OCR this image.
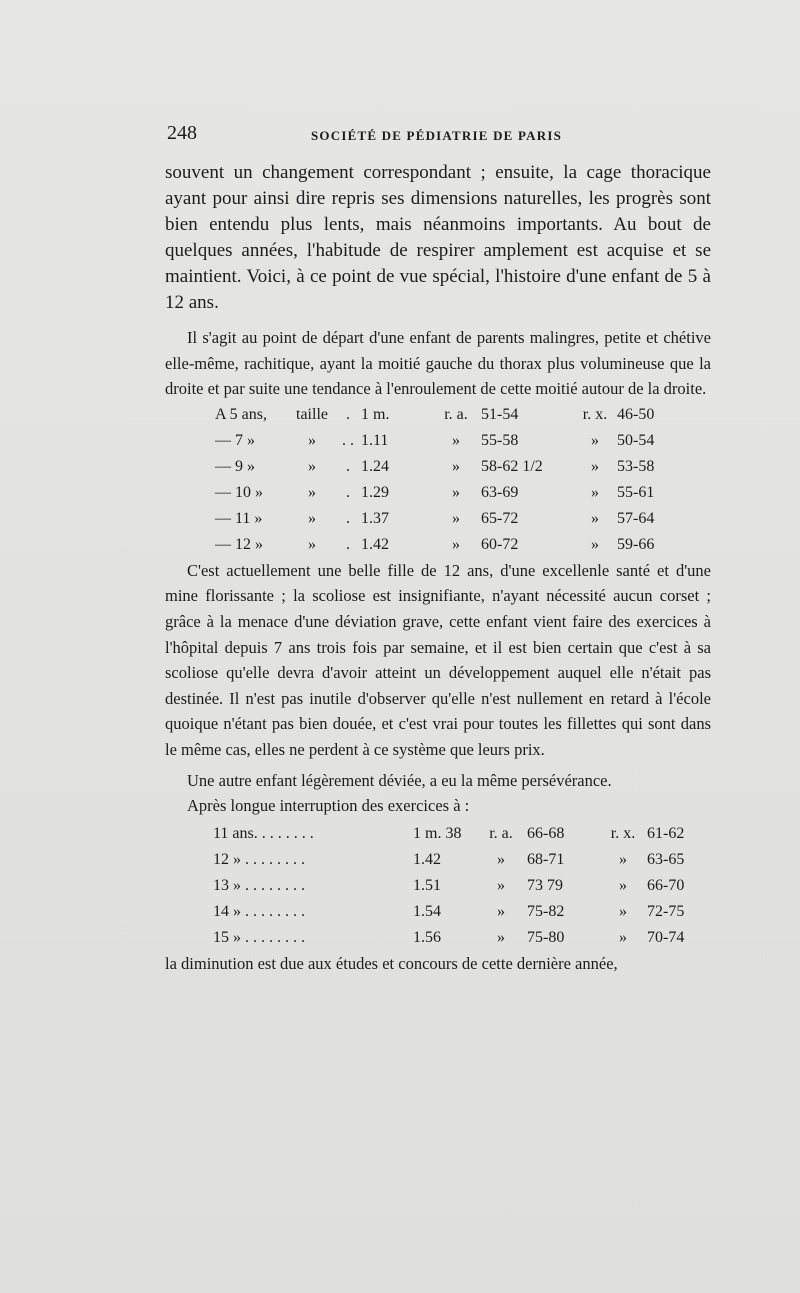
248	SOCIÉTÉ DE PÉDIATRIE DE PARIS

souvent un changement correspondant ; ensuite, la cage thoracique ayant pour ainsi dire repris ses dimensions naturelles, les progrès sont bien entendu plus lents, mais néanmoins importants. Au bout de quelques années, l'habitude de respirer amplement est acquise et se maintient. Voici, à ce point de vue spécial, l'histoire d'une enfant de 5 à 12 ans.

Il s'agit au point de départ d'une enfant de parents malingres, petite et chétive elle-même, rachitique, ayant la moitié gauche du thorax plus volumineuse que la droite et par suite une tendance à l'enroulement de cette moitié autour de la droite.

A 5 ans,	taille	.	1 m.	r. a.	51-54	r. x.	46-50
— 7 »	»	. .	1.11	»	55-58	»	50-54
— 9 »	»	.	1.24	»	58-62 1/2	»	53-58
— 10 »	»	.	1.29	»	63-69	»	55-61
— 11 »	»	.	1.37	»	65-72	»	57-64
— 12 »	»	.	1.42	»	60-72	»	59-66

C'est actuellement une belle fille de 12 ans, d'une excellenle santé et d'une mine florissante ; la scoliose est insignifiante, n'ayant nécessité aucun corset ; grâce à la menace d'une déviation grave, cette enfant vient faire des exercices à l'hôpital depuis 7 ans trois fois par semaine, et il est bien certain que c'est à sa scoliose qu'elle devra d'avoir atteint un développement auquel elle n'était pas destinée. Il n'est pas inutile d'observer qu'elle n'est nullement en retard à l'école quoique n'étant pas bien douée, et c'est vrai pour toutes les fillettes qui sont dans le même cas, elles ne perdent à ce système que leurs prix.

Une autre enfant légèrement déviée, a eu la même persévérance.

Après longue interruption des exercices à :

11 ans. . . . . . . .	1 m. 38	r. a.	66-68	r. x.	61-62
12 » . . . . . . . .	1.42	»	68-71	»	63-65
13 » . . . . . . . .	1.51	»	73 79	»	66-70
14 » . . . . . . . .	1.54	»	75-82	»	72-75
15 » . . . . . . . .	1.56	»	75-80	»	70-74

la diminution est due aux études et concours de cette dernière année,
